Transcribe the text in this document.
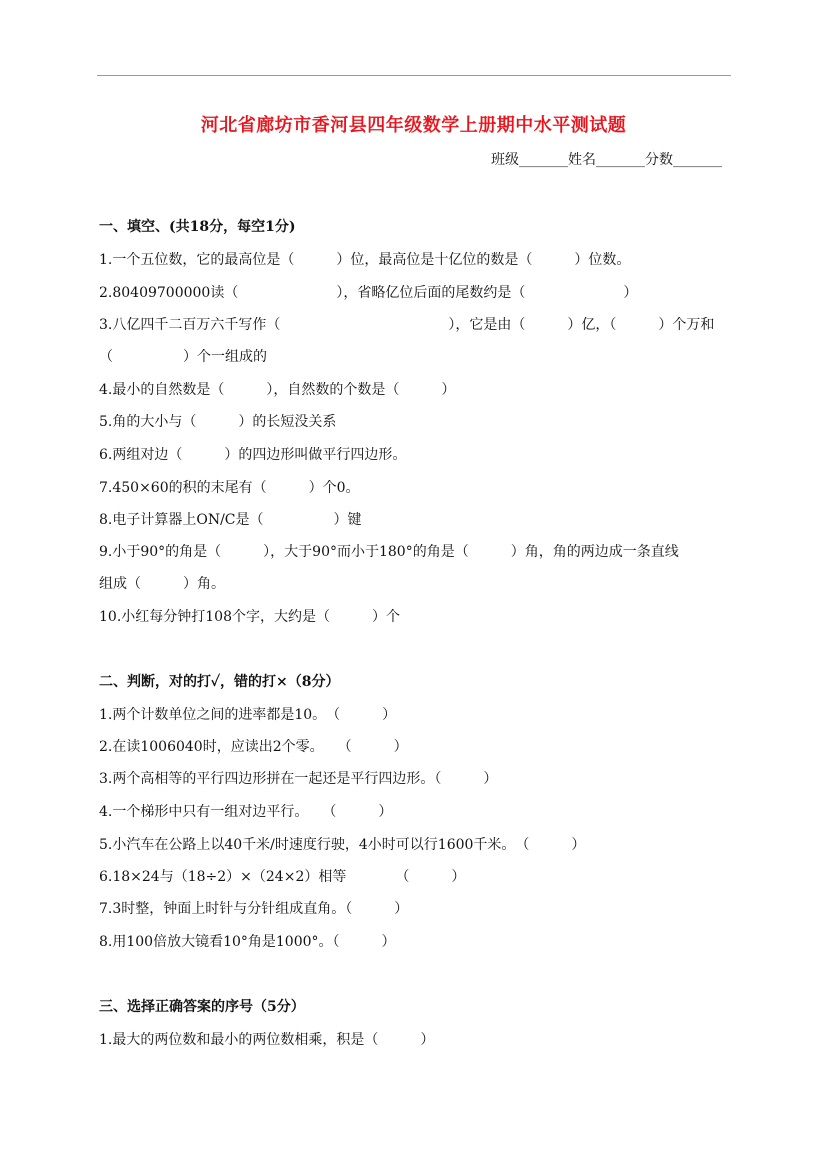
河北省廊坊市香河县四年级数学上册期中水平测试题
班级_______姓名_______分数_______
一、填空、(共18分，每空1分)
1.一个五位数，它的最高位是（　　　）位，最高位是十亿位的数是（　　　）位数。
2.80409700000读（　　　　　　　），省略亿位后面的尾数约是（　　　　　　　）
3.八亿四千二百万六千写作（　　　　　　　　　　　　），它是由（　　　）亿，（　　　）个万和
（　　　　　）个一组成的
4.最小的自然数是（　　　），自然数的个数是（　　　）
5.角的大小与（　　　）的长短没关系
6.两组对边（　　　）的四边形叫做平行四边形。
7.450×60的积的末尾有（　　　）个0。
8.电子计算器上ON/C是（　　　　　）键
9.小于90°的角是（　　　），大于90°而小于180°的角是（　　　）角，角的两边成一条直线
组成（　　　）角。
10.小红每分钟打108个字，大约是（　　　）个
二、判断，对的打✓，错的打×（8分）
1.两个计数单位之间的进率都是10。　（　　　）
2.在读1006040时，应读出2个零。　　（　　　）
3.两个高相等的平行四边形拼在一起还是平行四边形。（　　　）
4.一个梯形中只有一组对边平行。　　（　　　）
5.小汽车在公路上以40千米/时速度行驶，4小时可以行1600千米。　（　　　）
6.18×24与（18÷2）×（24×2）相等　　　　（　　　）
7.3时整，钟面上时针与分针组成直角。（　　　）
8.用100倍放大镜看10°角是1000°。（　　　）
三、选择正确答案的序号（5分）
1.最大的两位数和最小的两位数相乘，积是（　　　）
